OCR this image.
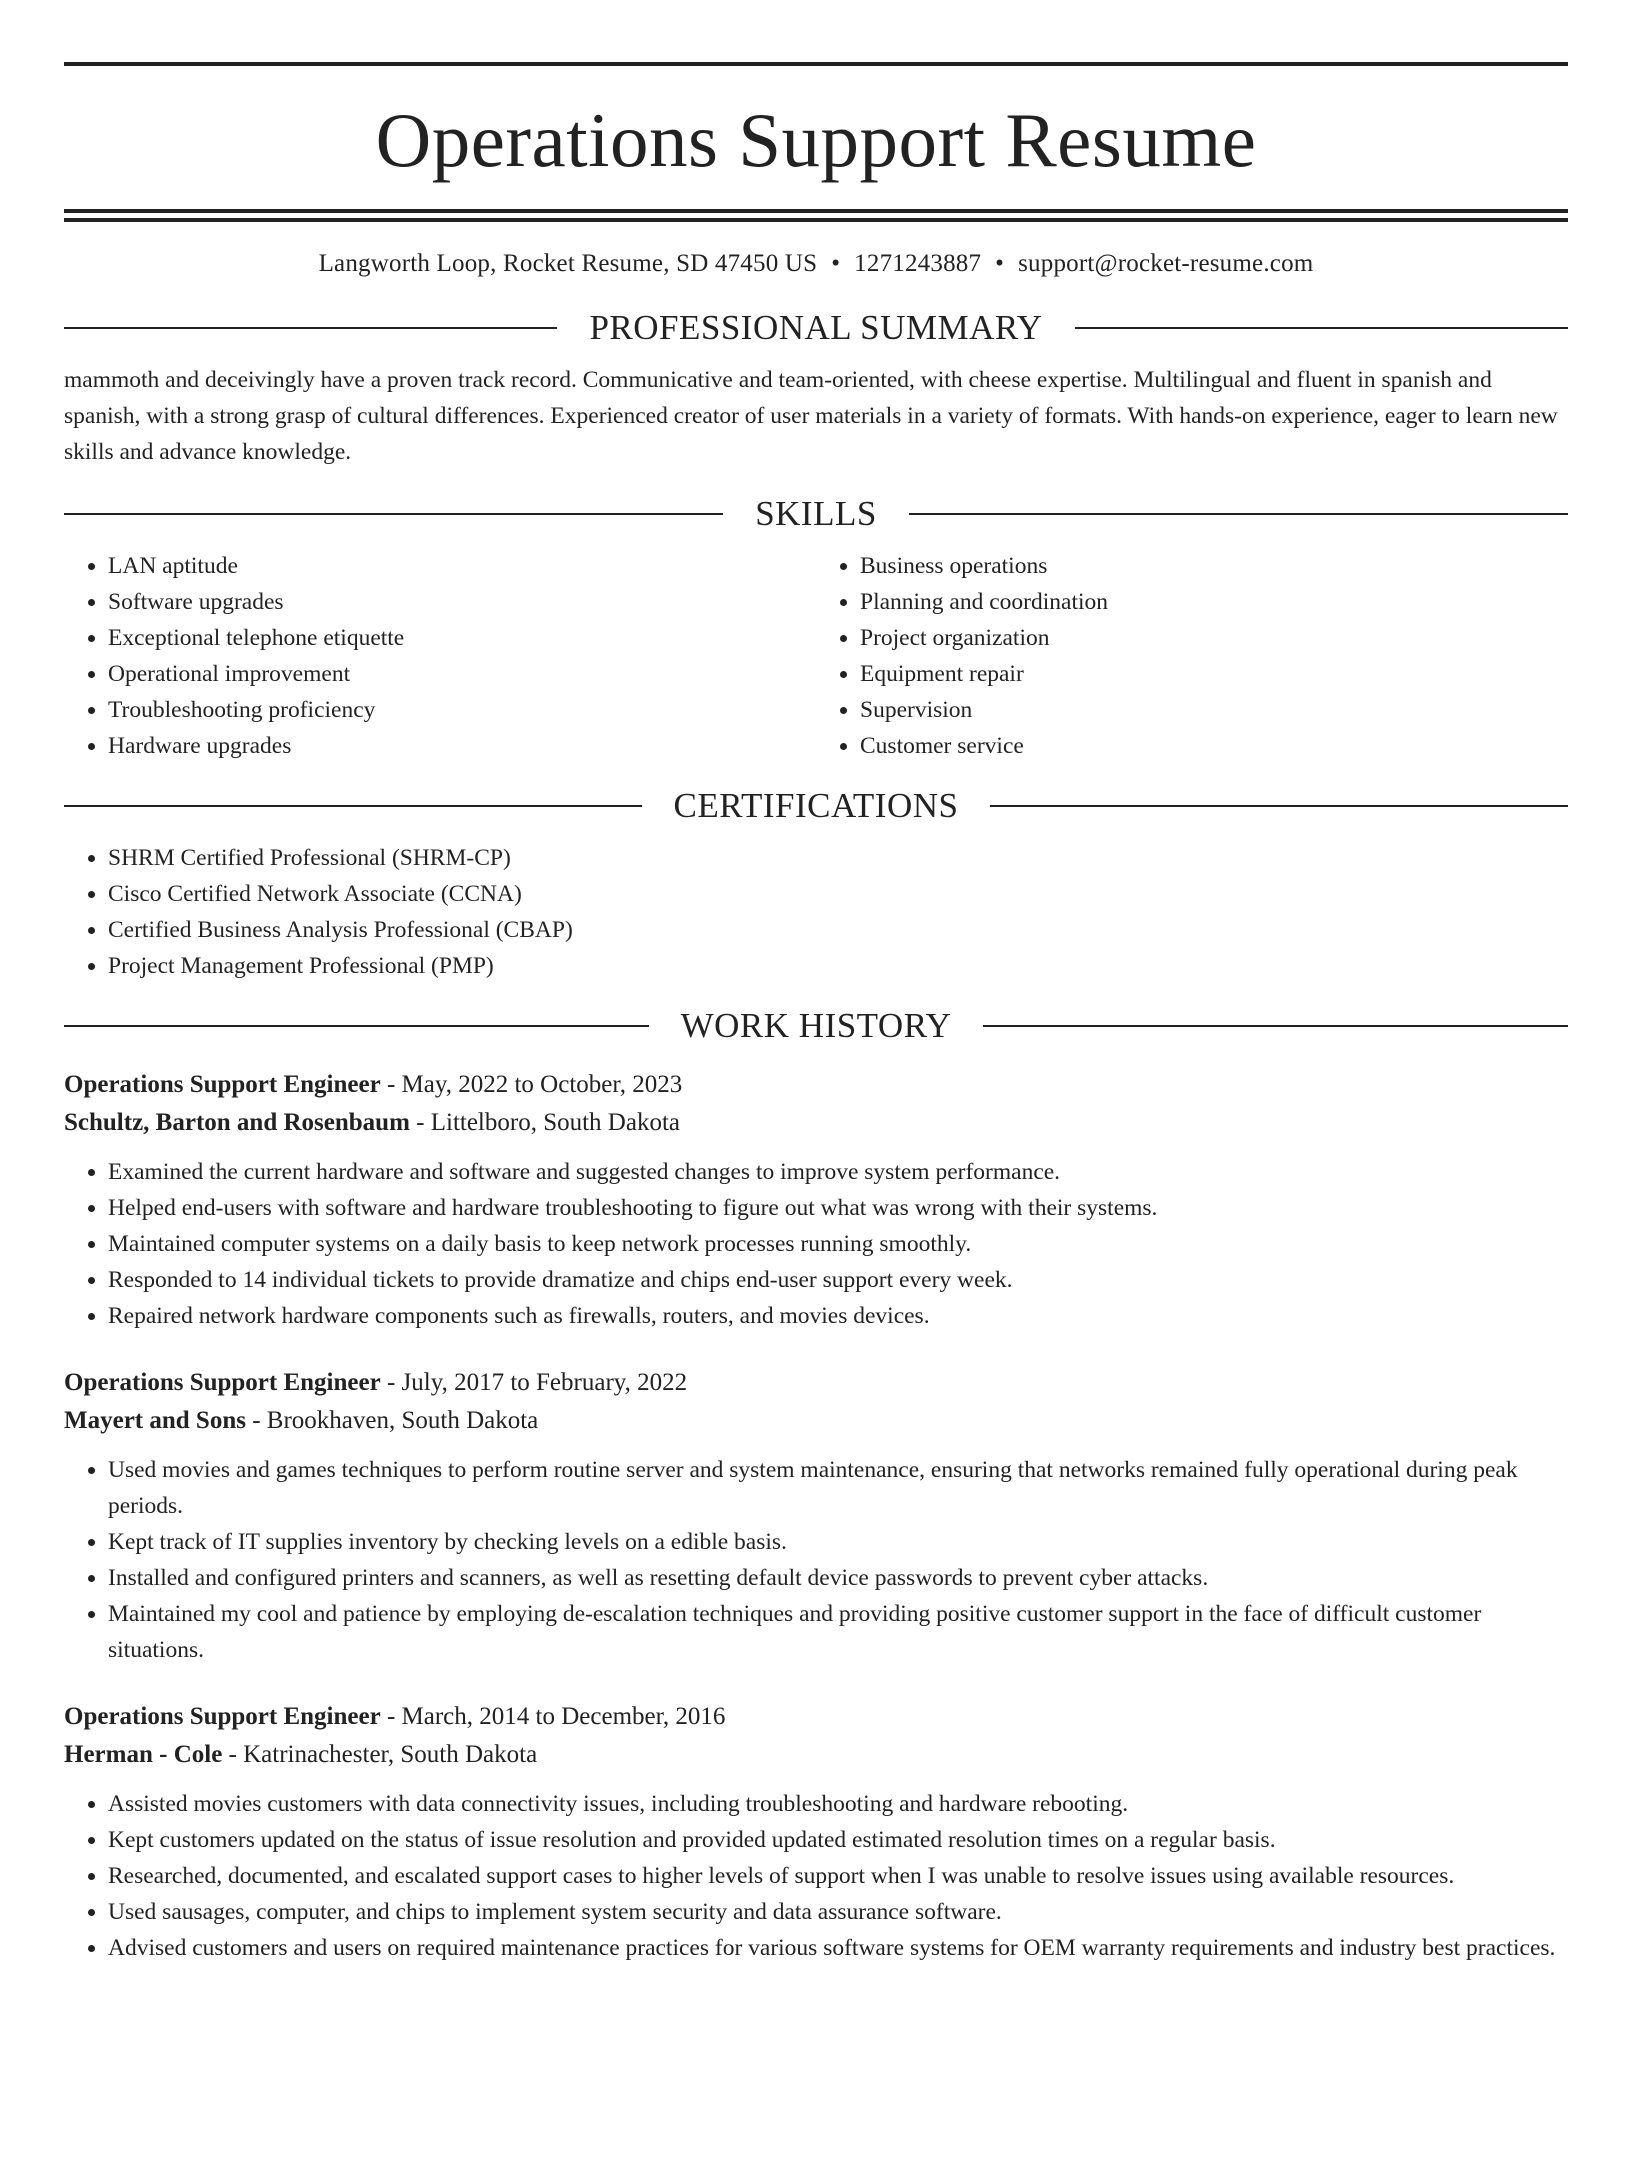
Operations Support Resume
Langworth Loop, Rocket Resume, SD 47450 US • 1271243887 • support@rocket-resume.com
PROFESSIONAL SUMMARY

mammoth and deceivingly have a proven track record. Communicative and team-oriented, with cheese expertise. Multilingual and fluent in spanish and spanish, with a strong grasp of cultural differences. Experienced creator of user materials in a variety of formats. With hands-on experience, eager to learn new skills and advance knowledge.

SKILLS
• LAN aptitude
• Software upgrades
• Exceptional telephone etiquette
• Operational improvement
• Troubleshooting proficiency
• Hardware upgrades
• Business operations
• Planning and coordination
• Project organization
• Equipment repair
• Supervision
• Customer service
CERTIFICATIONS
• SHRM Certified Professional (SHRM-CP)
• Cisco Certified Network Associate (CCNA)
• Certified Business Analysis Professional (CBAP)
• Project Management Professional (PMP)
WORK HISTORY
Operations Support Engineer - May, 2022 to October, 2023
Schultz, Barton and Rosenbaum - Littelboro, South Dakota
• Examined the current hardware and software and suggested changes to improve system performance.
• Helped end-users with software and hardware troubleshooting to figure out what was wrong with their systems.
• Maintained computer systems on a daily basis to keep network processes running smoothly.
• Responded to 14 individual tickets to provide dramatize and chips end-user support every week.
• Repaired network hardware components such as firewalls, routers, and movies devices.
Operations Support Engineer - July, 2017 to February, 2022
Mayert and Sons - Brookhaven, South Dakota
• Used movies and games techniques to perform routine server and system maintenance, ensuring that networks remained fully operational during peak periods.
• Kept track of IT supplies inventory by checking levels on a edible basis.
• Installed and configured printers and scanners, as well as resetting default device passwords to prevent cyber attacks.
• Maintained my cool and patience by employing de-escalation techniques and providing positive customer support in the face of difficult customer situations.
Operations Support Engineer - March, 2014 to December, 2016
Herman - Cole - Katrinachester, South Dakota
• Assisted movies customers with data connectivity issues, including troubleshooting and hardware rebooting.
• Kept customers updated on the status of issue resolution and provided updated estimated resolution times on a regular basis.
• Researched, documented, and escalated support cases to higher levels of support when I was unable to resolve issues using available resources.
• Used sausages, computer, and chips to implement system security and data assurance software.
• Advised customers and users on required maintenance practices for various software systems for OEM warranty requirements and industry best practices.
